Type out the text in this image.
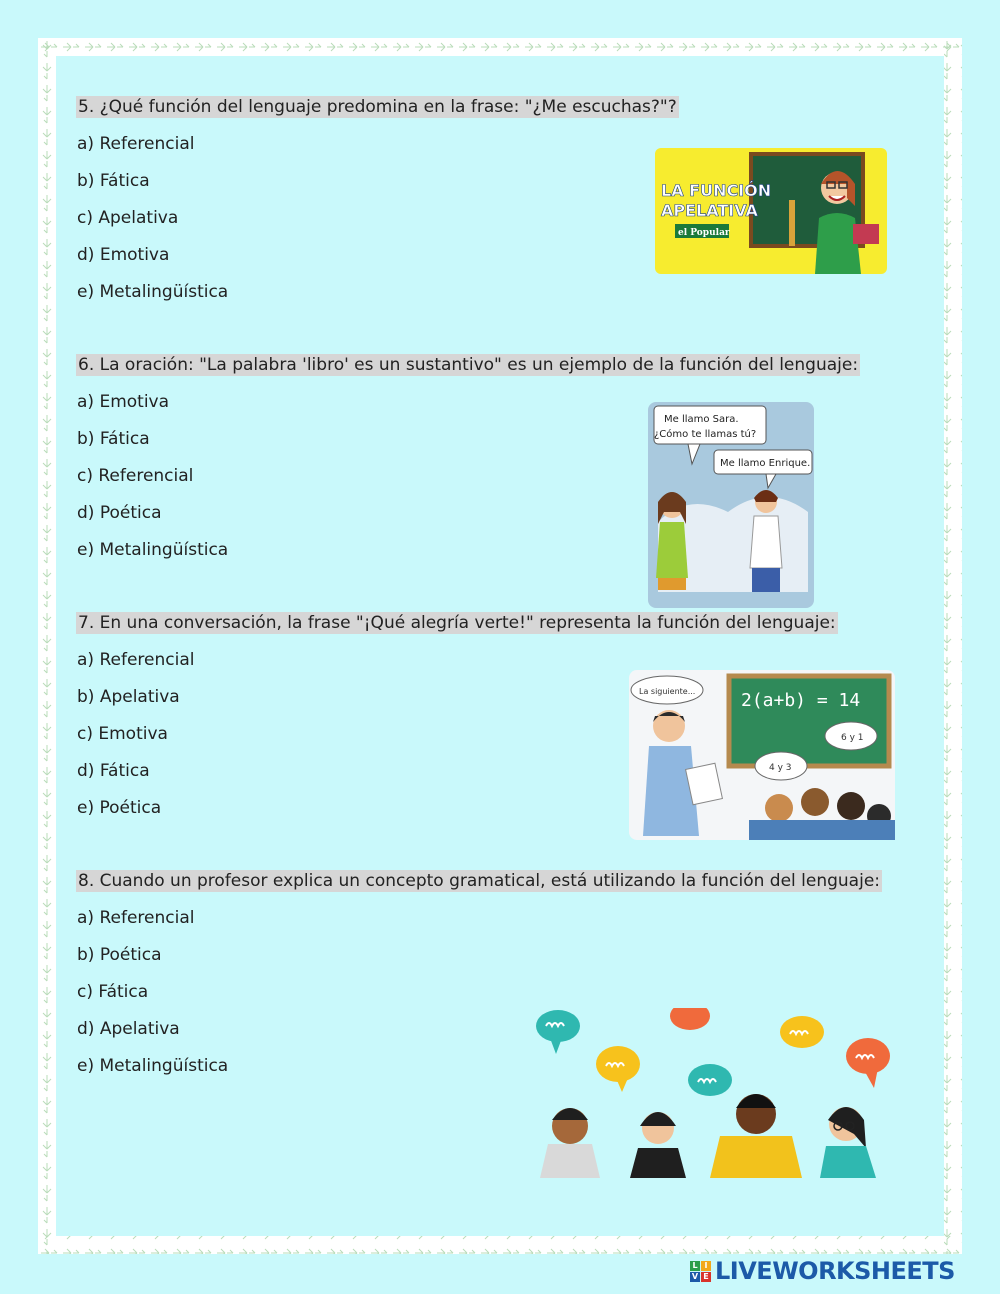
5. ¿Qué función del lenguaje predomina en la frase: "¿Me escuchas?"?
a) Referencial
b) Fática
c) Apelativa
d) Emotiva
e) Metalingüística
LA FUNCIÓN
APELATIVA
el Popular
6. La oración: "La palabra 'libro' es un sustantivo" es un ejemplo de la función del lenguaje:
a) Emotiva
b) Fática
c) Referencial
d) Poética
e) Metalingüística
Me llamo Sara.
¿Cómo te llamas tú?
Me llamo Enrique.
7. En una conversación, la frase "¡Qué alegría verte!" representa la función del lenguaje:
a) Referencial
b) Apelativa
c) Emotiva
d) Fática
e) Poética
2(a+b) = 14
La siguiente...
6 y 1
4 y 3
8. Cuando un profesor explica un concepto gramatical, está utilizando la función del lenguaje:
a) Referencial
b) Poética
c) Fática
d) Apelativa
e) Metalingüística
L I
V E LIVEWORKSHEETS
